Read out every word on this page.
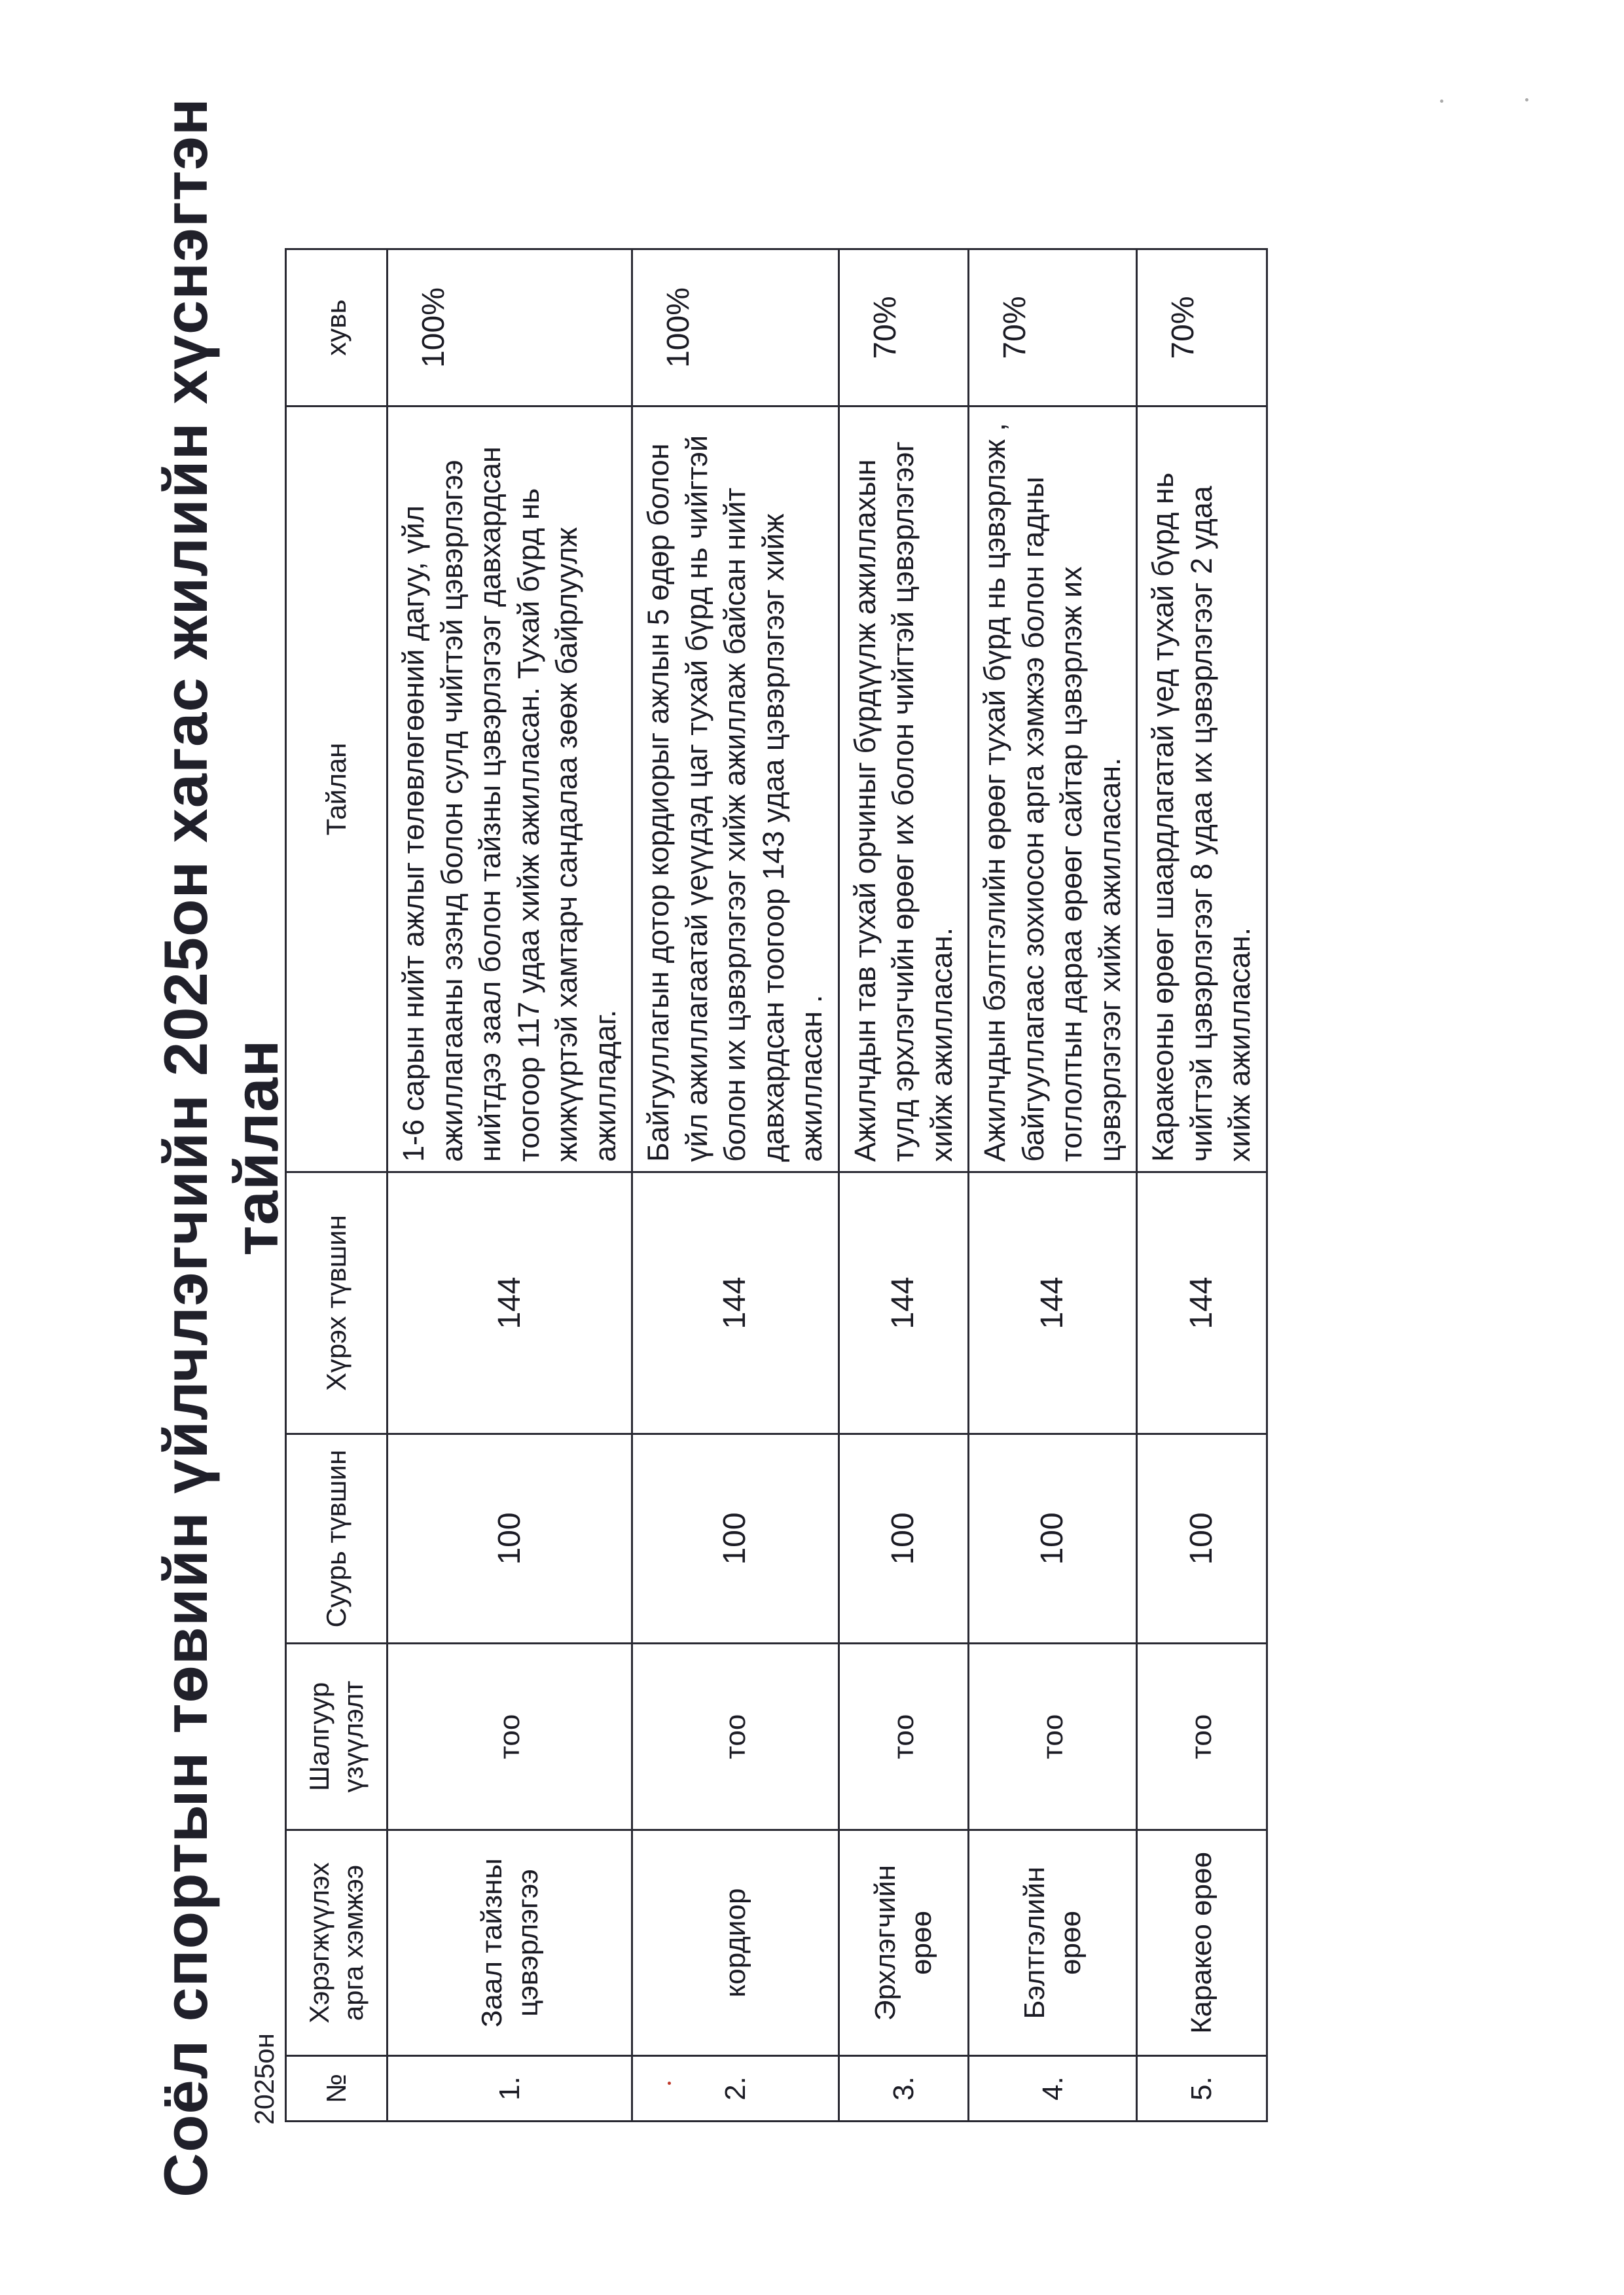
Соёл спортын төвийн үйлчлэгчийн 2025он хагас жилийн хүснэгтэн тайлан
2025он №	Хэрэгжүүлэх арга хэмжээ	Шалгуур үзүүлэлт	Суурь түвшин	Хүрэх түвшин	Тайлан	хувь
1.	Заал тайзны цэвэрлэгээ	тоо	100	144	1-6 сарын нийт ажлыг төлөвлөгөөний дагуу, үйл ажиллагааны эзэнд болон сулд чийгтэй цэвэрлэгээ нийтдээ заал болон тайзны цэвэрлэгээг давхардсан тоогоор 117 удаа хийж ажилласан. Тухай бүрд нь жижүүртэй хамтарч сандалаа зөөж байрлуулж ажилладаг.	100%
2.	кордиор	тоо	100	144	Байгууллагын дотор кордиорыг ажлын 5 өдөр болон үйл ажиллагаатай үеүүдэд цаг тухай бүрд нь чийгтэй болон их цэвэрлэгээг хийж ажиллаж байсан нийт давхардсан тоогоор 143 удаа цэвэрлэгээг хийж ажилласан .	100%
3.	Эрхлэгчийн өрөө	тоо	100	144	Ажилчдын тав тухай орчиныг бүрдүүлж ажиллахын тулд эрхлэгчийн өрөөг их болон чийгтэй цэвэрлэгээг хийж ажилласан.	70%
4.	Бэлтгэлийн өрөө	тоо	100	144	Ажилчдын бэлтгэлийн өрөөг тухай бүрд нь цэвэрлэж , байгууллагаас зохиосон арга хэмжээ болон гадны тоглолтын дараа өрөөг сайтар цэвэрлэж их цэвэрлэгээг хийж ажилласан.	70%
5.	Каракео өрөө	тоо	100	144	Каракеоны өрөөг шаардлагатай үед тухай бүрд нь чийгтэй цэвэрлэгээг 8 удаа их цэвэрлэгээг 2 удаа хийж ажилласан.	70%
